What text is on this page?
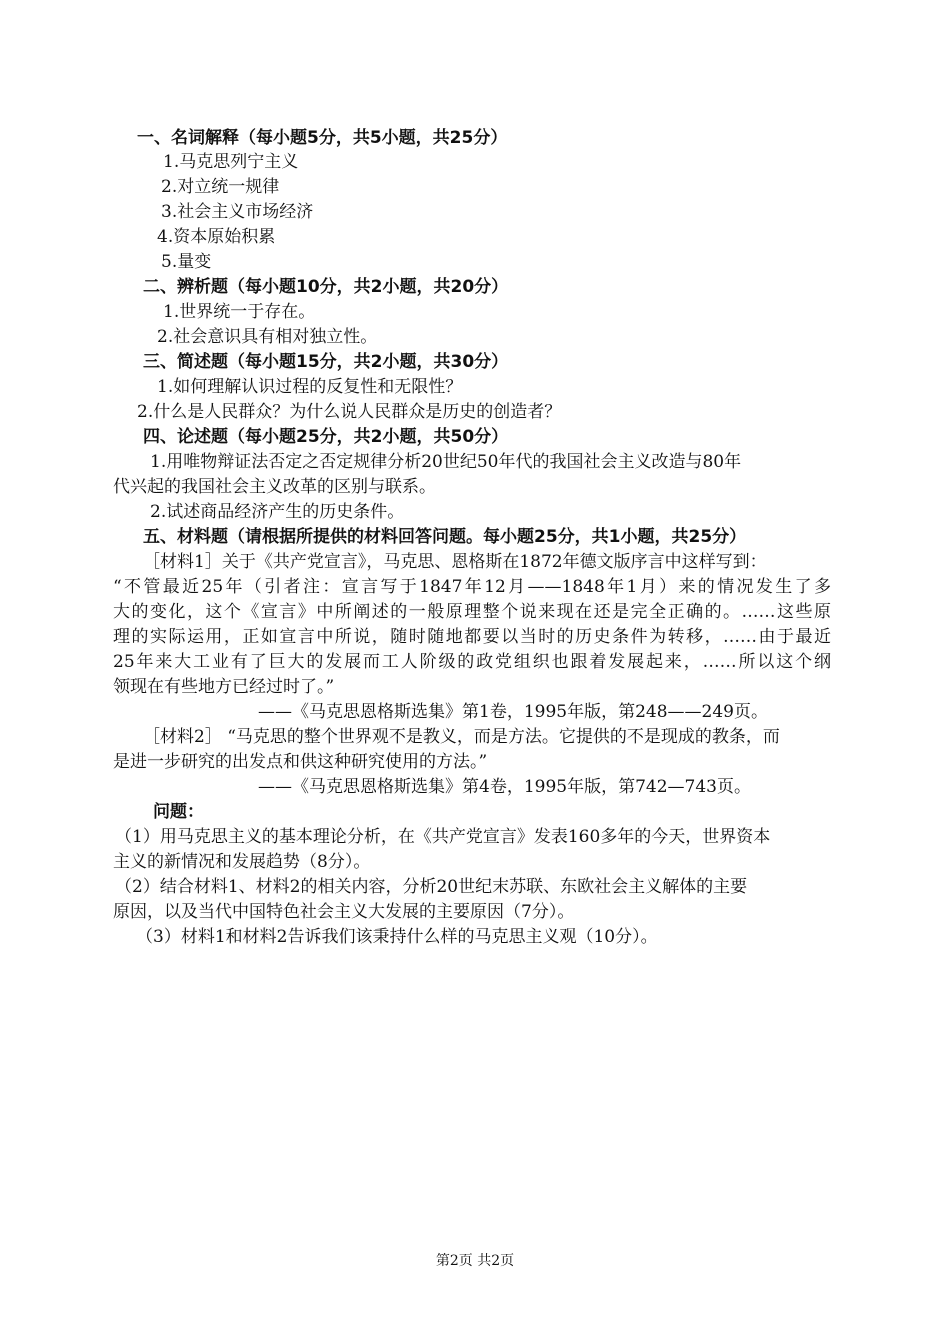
一、名词解释（每小题5分，共5小题，共25分）
1.马克思列宁主义
2.对立统一规律
3.社会主义市场经济
4.资本原始积累
5.量变
二、辨析题（每小题10分，共2小题，共20分）
1.世界统一于存在。
2.社会意识具有相对独立性。
三、简述题（每小题15分，共2小题，共30分）
1.如何理解认识过程的反复性和无限性？
2.什么是人民群众？为什么说人民群众是历史的创造者？
四、论述题（每小题25分，共2小题，共50分）
1.用唯物辩证法否定之否定规律分析20世纪50年代的我国社会主义改造与80年
代兴起的我国社会主义改革的区别与联系。
2.试述商品经济产生的历史条件。
五、材料题（请根据所提供的材料回答问题。每小题25分，共1小题，共25分）
［材料1］关于《共产党宣言》，马克思、恩格斯在1872年德文版序言中这样写到：
“不管最近25年（引者注：宣言写于1847年12月——1848年1月）来的情况发生了多
大的变化，这个《宣言》中所阐述的一般原理整个说来现在还是完全正确的。……这些原
理的实际运用，正如宣言中所说，随时随地都要以当时的历史条件为转移，……由于最近
25年来大工业有了巨大的发展而工人阶级的政党组织也跟着发展起来，……所以这个纲
领现在有些地方已经过时了。”
——《马克思恩格斯选集》第1卷，1995年版，第248——249页。
［材料2］ “马克思的整个世界观不是教义，而是方法。它提供的不是现成的教条，而
是进一步研究的出发点和供这种研究使用的方法。”
——《马克思恩格斯选集》第4卷，1995年版，第742—743页。
问题：
（1）用马克思主义的基本理论分析，在《共产党宣言》发表160多年的今天，世界资本
主义的新情况和发展趋势（8分）。
（2）结合材料1、材料2的相关内容，分析20世纪末苏联、东欧社会主义解体的主要
原因，以及当代中国特色社会主义大发展的主要原因（7分）。
（3）材料1和材料2告诉我们该秉持什么样的马克思主义观（10分）。
第2页 共2页
